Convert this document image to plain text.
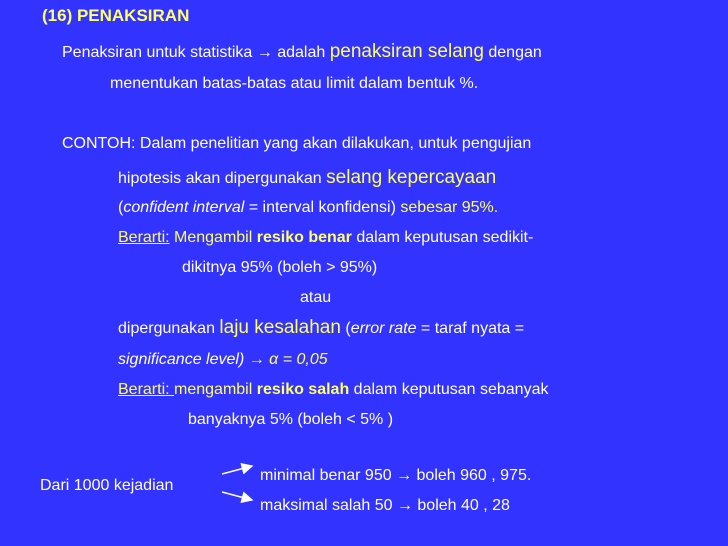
(16) PENAKSIRAN
Penaksiran untuk statistika → adalah penaksiran selang dengan
menentukan batas-batas atau limit dalam bentuk %.
CONTOH: Dalam penelitian yang akan dilakukan, untuk pengujian
hipotesis akan dipergunakan selang kepercayaan
(confident interval = interval konfidensi) sebesar 95%.
Berarti: Mengambil resiko benar dalam keputusan sedikit-
dikitnya 95% (boleh > 95%)
atau
dipergunakan laju kesalahan (error rate = taraf nyata =
significance level) → α = 0,05
Berarti: mengambil resiko salah dalam keputusan sebanyak
banyaknya 5% (boleh < 5% )
Dari 1000 kejadian
minimal benar 950 → boleh 960 , 975.
maksimal salah 50 → boleh 40 , 28
